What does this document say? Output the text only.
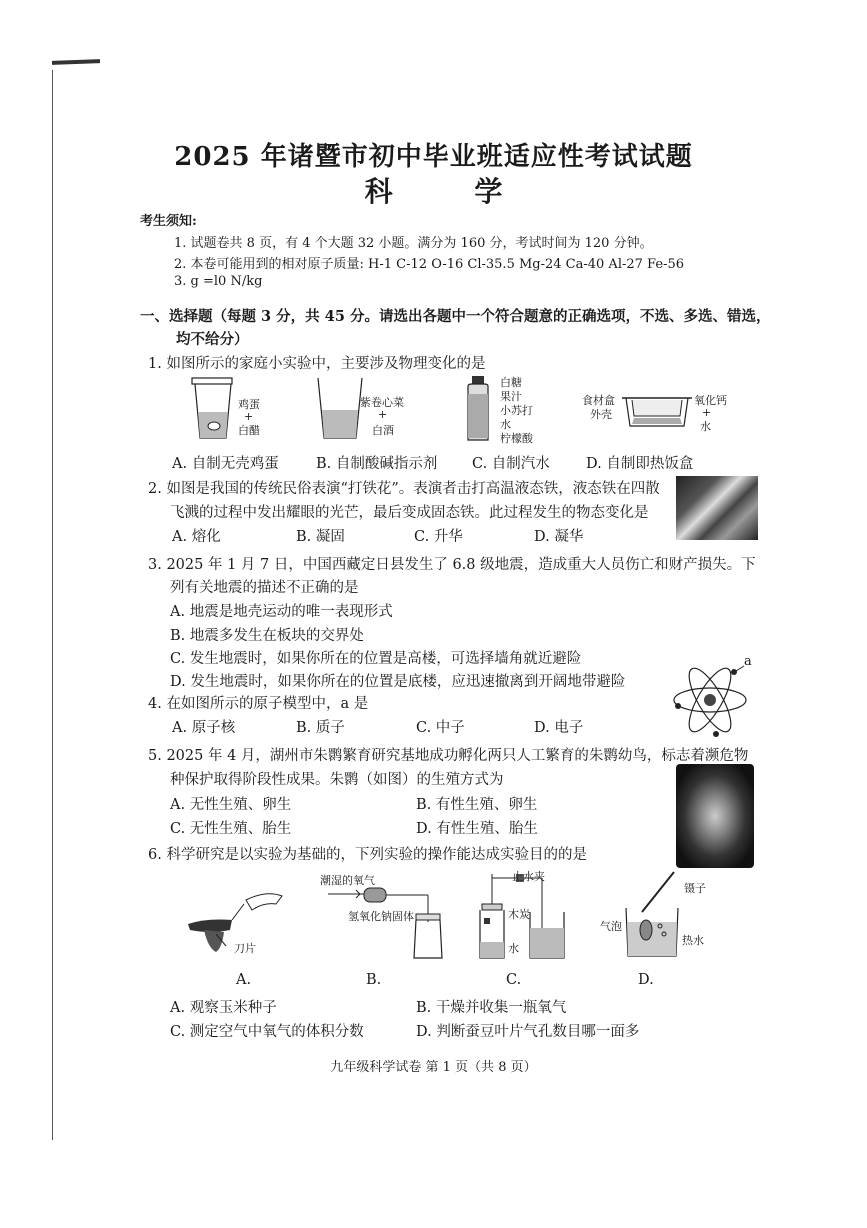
2025 年诸暨市初中毕业班适应性考试试题
科 学
考生须知:
1. 试题卷共 8 页，有 4 个大题 32 小题。满分为 160 分，考试时间为 120 分钟。
2. 本卷可能用到的相对原子质量: H-1 C-12 O-16 Cl-35.5 Mg-24 Ca-40 Al-27 Fe-56
3. g =l0 N/kg
一、选择题（每题 3 分，共 45 分。请选出各题中一个符合题意的正确选项，不选、多选、错选，
均不给分）
1. 如图所示的家庭小实验中，主要涉及物理变化的是
鸡蛋
+
白醋
紫卷心菜
+
白酒
白糖
果汁
小苏打
水
柠檬酸
食材盒
外壳
氧化钙
+
水
A. 自制无壳鸡蛋	B. 自制酸碱指示剂 C. 自制汽水 D. 自制即热饭盒
2. 如图是我国的传统民俗表演“打铁花”。表演者击打高温液态铁，液态铁在四散
飞溅的过程中发出耀眼的光芒，最后变成固态铁。此过程发生的物态变化是
A. 熔化	B. 凝固	C. 升华	D. 凝华
3. 2025 年 1 月 7 日，中国西藏定日县发生了 6.8 级地震，造成重大人员伤亡和财产损失。下
列有关地震的描述不正确的是
A. 地震是地壳运动的唯一表现形式
B. 地震多发生在板块的交界处
C. 发生地震时，如果你所在的位置是高楼，可选择墙角就近避险
D. 发生地震时，如果你所在的位置是底楼，应迅速撤离到开阔地带避险
4. 在如图所示的原子模型中，a 是
a
A. 原子核	B. 质子	C. 中子	D. 电子
5. 2025 年 4 月，湖州市朱鹮繁育研究基地成功孵化两只人工繁育的朱鹮幼鸟，标志着濒危物
种保护取得阶段性成果。朱鹮（如图）的生殖方式为
A. 无性生殖、卵生	B. 有性生殖、卵生
C. 无性生殖、胎生	D. 有性生殖、胎生
6. 科学研究是以实验为基础的，下列实验的操作能达成实验目的的是
刀片
潮湿的氧气
氢氧化钠固体
止水夹
木炭
水
镊子
气泡
热水
A.	B.	C.	D.
A. 观察玉米种子	B. 干燥并收集一瓶氧气
C. 测定空气中氧气的体积分数	D. 判断蚕豆叶片气孔数目哪一面多
九年级科学试卷 第 1 页（共 8 页）
